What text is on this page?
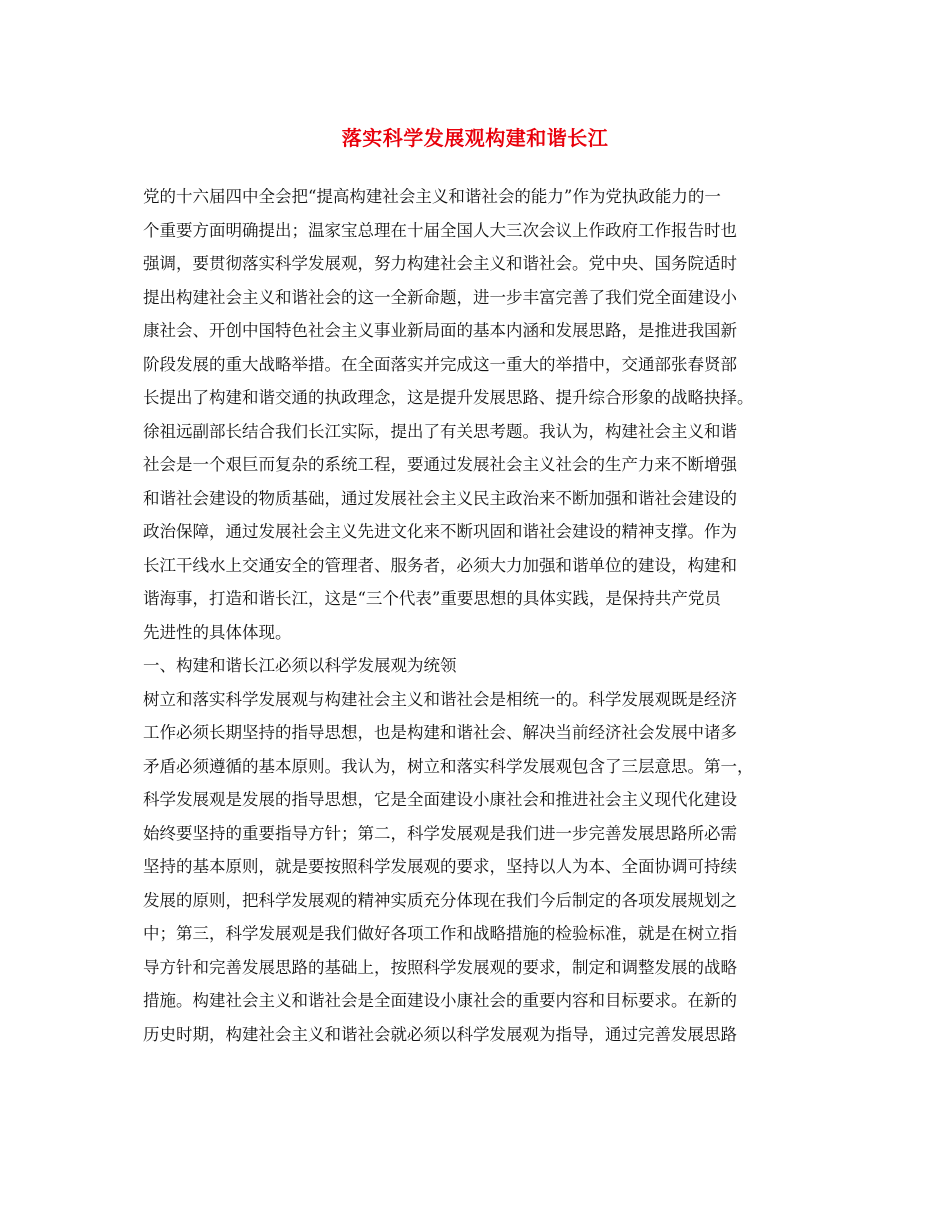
落实科学发展观构建和谐长江
党的十六届四中全会把“提高构建社会主义和谐社会的能力”作为党执政能力的一
个重要方面明确提出；温家宝总理在十届全国人大三次会议上作政府工作报告时也
强调，要贯彻落实科学发展观，努力构建社会主义和谐社会。党中央、国务院适时
提出构建社会主义和谐社会的这一全新命题，进一步丰富完善了我们党全面建设小
康社会、开创中国特色社会主义事业新局面的基本内涵和发展思路，是推进我国新
阶段发展的重大战略举措。在全面落实并完成这一重大的举措中，交通部张春贤部
长提出了构建和谐交通的执政理念，这是提升发展思路、提升综合形象的战略抉择。
徐祖远副部长结合我们长江实际，提出了有关思考题。我认为，构建社会主义和谐
社会是一个艰巨而复杂的系统工程，要通过发展社会主义社会的生产力来不断增强
和谐社会建设的物质基础，通过发展社会主义民主政治来不断加强和谐社会建设的
政治保障，通过发展社会主义先进文化来不断巩固和谐社会建设的精神支撑。作为
长江干线水上交通安全的管理者、服务者，必须大力加强和谐单位的建设，构建和
谐海事，打造和谐长江，这是“三个代表”重要思想的具体实践，是保持共产党员
先进性的具体体现。
一、构建和谐长江必须以科学发展观为统领
树立和落实科学发展观与构建社会主义和谐社会是相统一的。科学发展观既是经济
工作必须长期坚持的指导思想，也是构建和谐社会、解决当前经济社会发展中诸多
矛盾必须遵循的基本原则。我认为，树立和落实科学发展观包含了三层意思。第一，
科学发展观是发展的指导思想，它是全面建设小康社会和推进社会主义现代化建设
始终要坚持的重要指导方针；第二，科学发展观是我们进一步完善发展思路所必需
坚持的基本原则，就是要按照科学发展观的要求，坚持以人为本、全面协调可持续
发展的原则，把科学发展观的精神实质充分体现在我们今后制定的各项发展规划之
中；第三，科学发展观是我们做好各项工作和战略措施的检验标准，就是在树立指
导方针和完善发展思路的基础上，按照科学发展观的要求，制定和调整发展的战略
措施。构建社会主义和谐社会是全面建设小康社会的重要内容和目标要求。在新的
历史时期，构建社会主义和谐社会就必须以科学发展观为指导，通过完善发展思路
